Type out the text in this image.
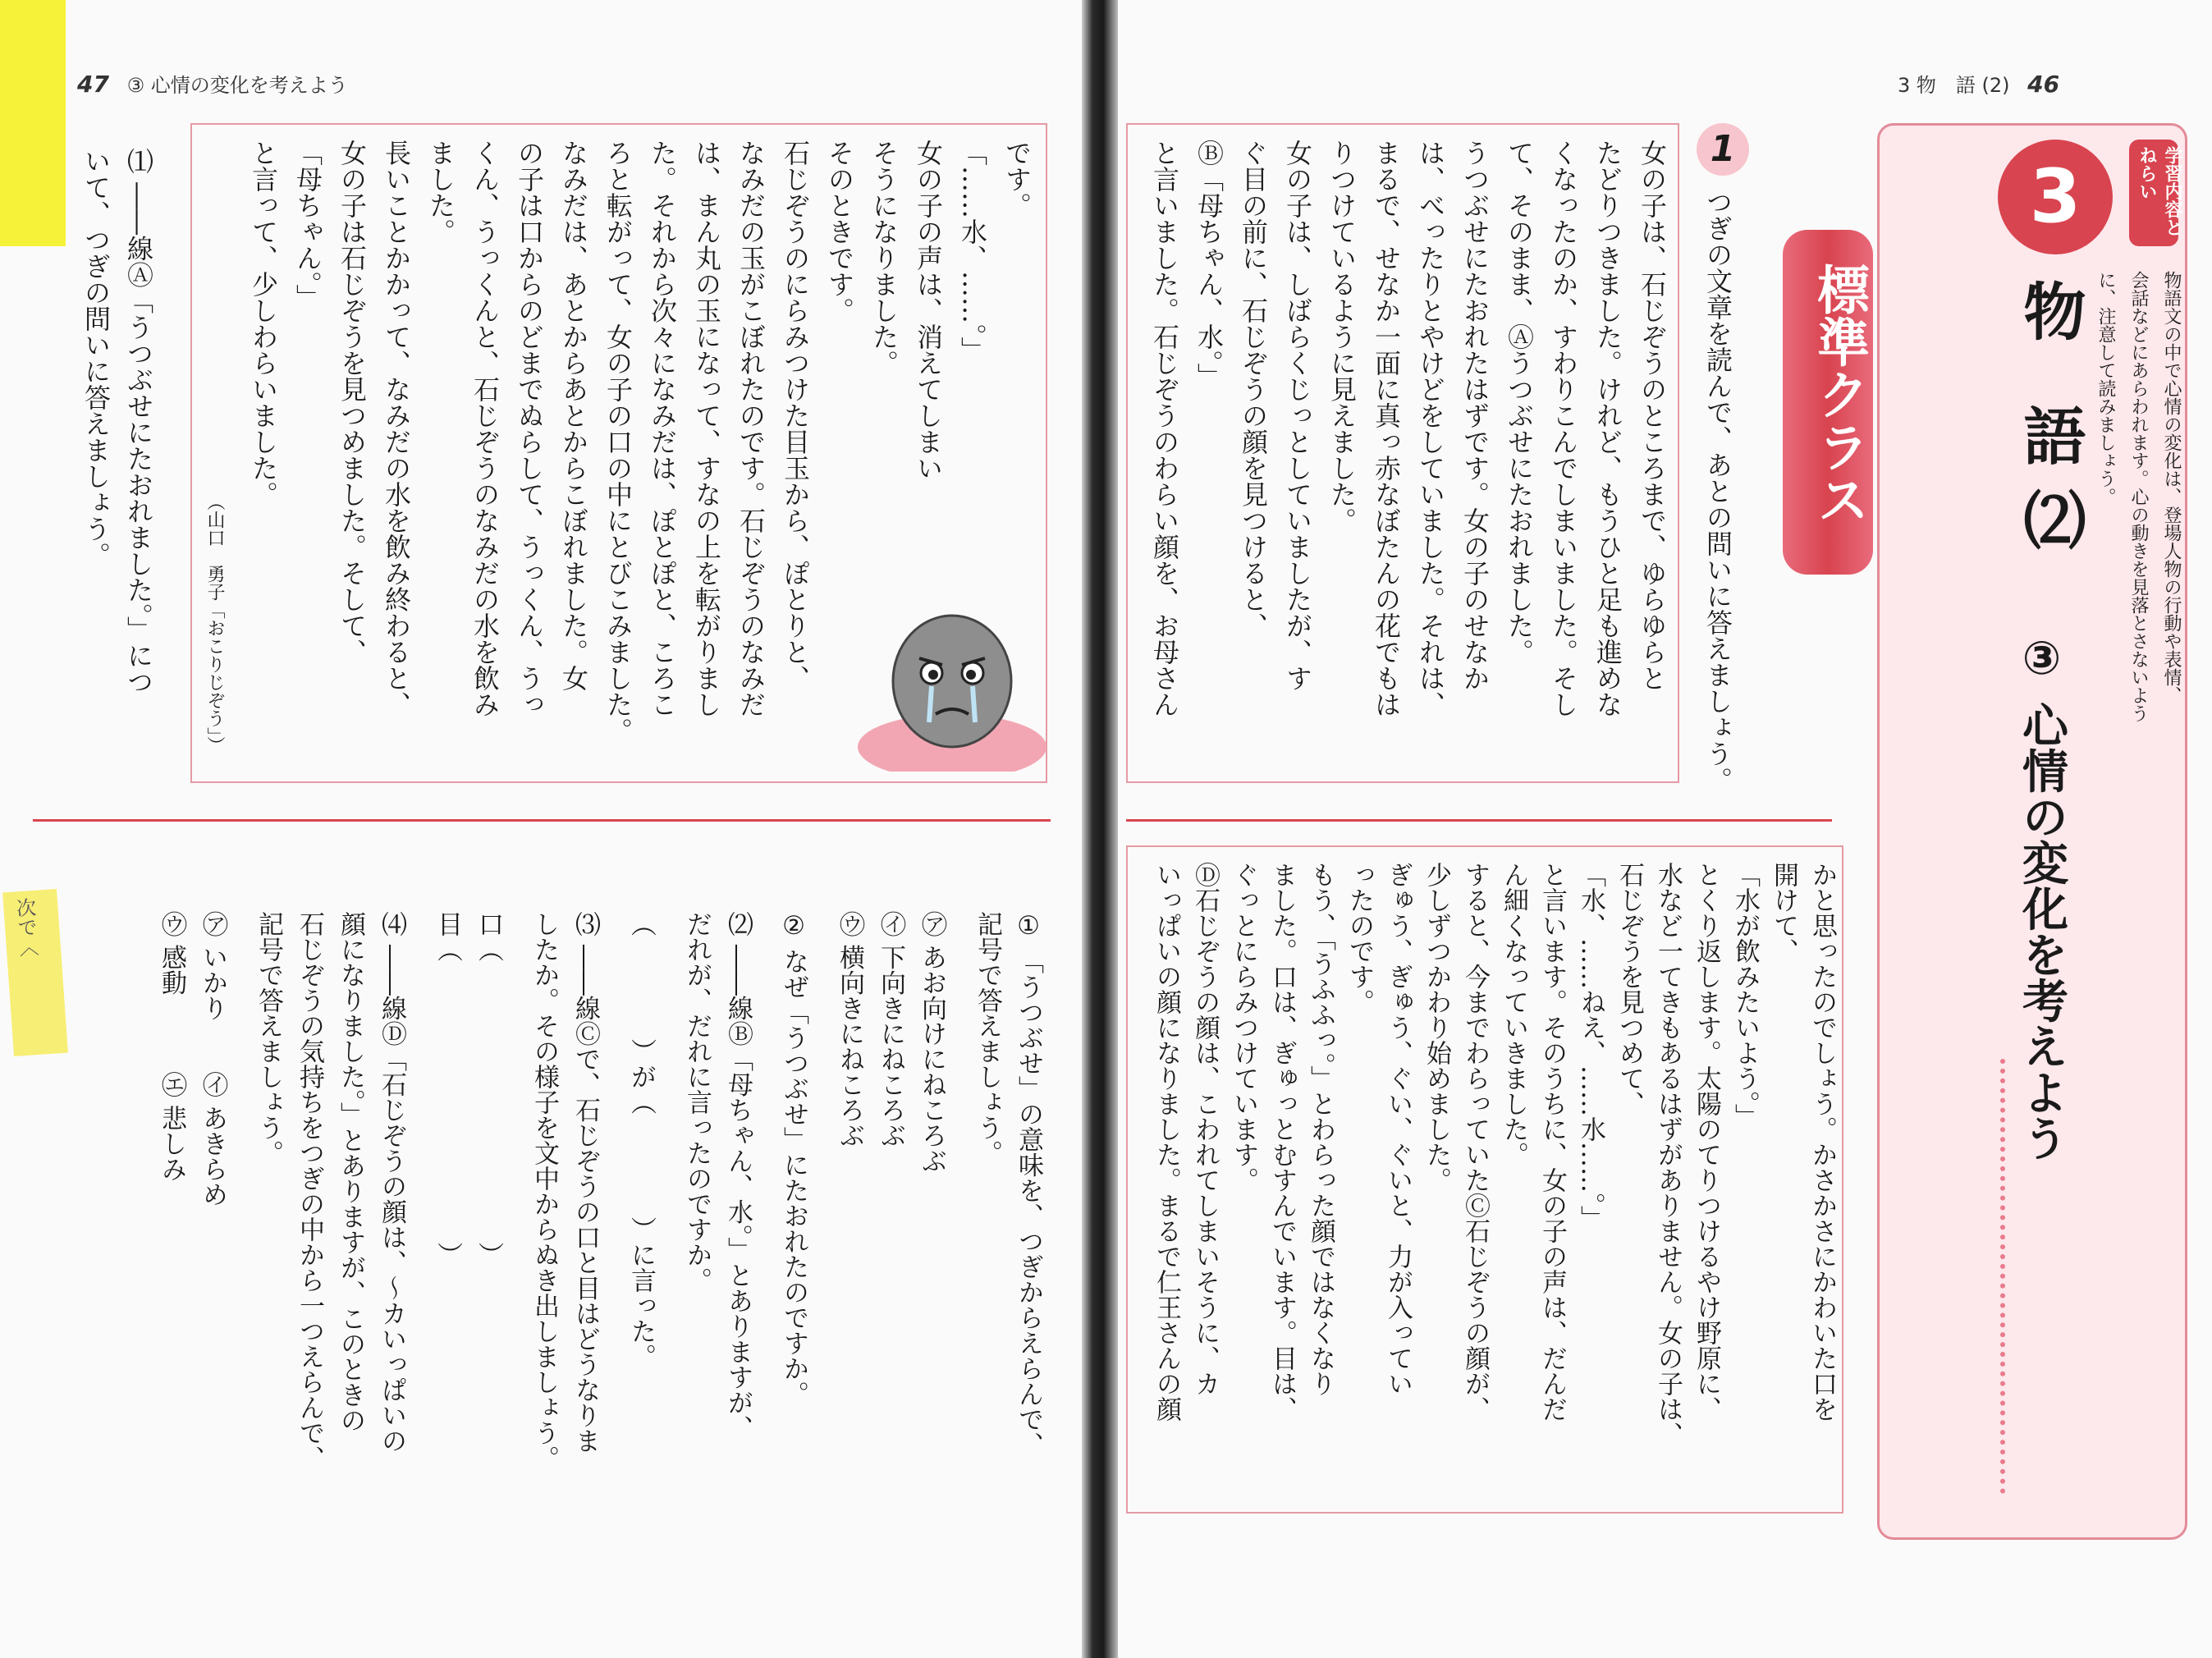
47 ③ 心情の変化を考えよう
です。
「……水、……。」
女の子の声は、消えてしまい
そうになりました。
そのときです。
石じぞうのにらみつけた目玉から、ぽとりと、
なみだの玉がこぼれたのです。石じぞうのなみだ
は、まん丸の玉になって、すなの上を転がりまし
た。それから次々になみだは、ぽとぽと、ころこ
ろと転がって、女の子の口の中にとびこみました。
なみだは、あとからあとからこぼれました。女
の子は口からのどまでぬらして、うっくん、うっ
くん、うっくんと、石じぞうのなみだの水を飲み
ました。
長いことかかって、なみだの水を飲み終わると、
女の子は石じぞうを見つめました。そして、
「母ちゃん。」
と言って、少しわらいました。
（山口　勇子「おこりじぞう」）
⑴ ――線Ⓐ「うつぶせにたおれました。」につ
いて、つぎの問いに答えましょう。
① 「うつぶせ」の意味を、つぎからえらんで、
記号で答えましょう。
㋐ あお向けにねころぶ
㋑ 下向きにねころぶ
㋒ 横向きにねころぶ
② なぜ「うつぶせ」にたおれたのですか。
⑵ ――線Ⓑ「母ちゃん、水。」とありますが、
だれが、だれに言ったのですか。
（　　　　）が（　　　　）に言った。
⑶ ――線Ⓒで、石じぞうの口と目はどうなりま
したか。その様子を文中からぬき出しましょう。
口（　　　　　　　　　　　）
目（　　　　　　　　　　　）
⑷ ――線Ⓓ「石じぞうの顔は、～カいっぱいの
顔になりました。」とありますが、このときの
石じぞうの気持ちをつぎの中から一つえらんで、
記号で答えましょう。
㋐ いかり　　㋑ あきらめ
㋒ 感動　　　㋓ 悲しみ
次で〈
3 物　語 (2) 46
3
物　語 ⑵
③ 心情の変化を考えよう
学習内容とねらい
物語文の中で心情の変化は、登場人物の行動や表情、
会話などにあらわれます。心の動きを見落とさないよう
に、注意して読みましょう。
標準クラス
1
つぎの文章を読んで、あとの問いに答えましょう。
女の子は、石じぞうのところまで、ゆらゆらと
たどりつきました。けれど、もうひと足も進めな
くなったのか、すわりこんでしまいました。そし
て、そのまま、Ⓐうつぶせにたおれました。
うつぶせにたおれたはずです。女の子のせなか
は、べったりとやけどをしていました。それは、
まるで、せなか一面に真っ赤なぼたんの花でもは
りつけているように見えました。
女の子は、しばらくじっとしていましたが、す
ぐ目の前に、石じぞうの顔を見つけると、
Ⓑ「母ちゃん、水。」
と言いました。石じぞうのわらい顔を、お母さん
かと思ったのでしょう。かさかさにかわいた口を
開けて、
「水が飲みたいよう。」
とくり返します。太陽のてりつけるやけ野原に、
水など一てきもあるはずがありません。女の子は、
石じぞうを見つめて、
「水、……ねえ、……水……。」
と言います。そのうちに、女の子の声は、だんだ
ん細くなっていきました。
すると、今までわらっていたⒸ石じぞうの顔が、
少しずつかわり始めました。
ぎゅう、ぎゅう、ぐい、ぐいと、力が入ってい
ったのです。
もう、「うふふっ。」とわらった顔ではなくなり
ました。口は、ぎゅっとむすんでいます。目は、
ぐっとにらみつけています。
Ⓓ石じぞうの顔は、こわれてしまいそうに、カ
いっぱいの顔になりました。まるで仁王さんの顔
